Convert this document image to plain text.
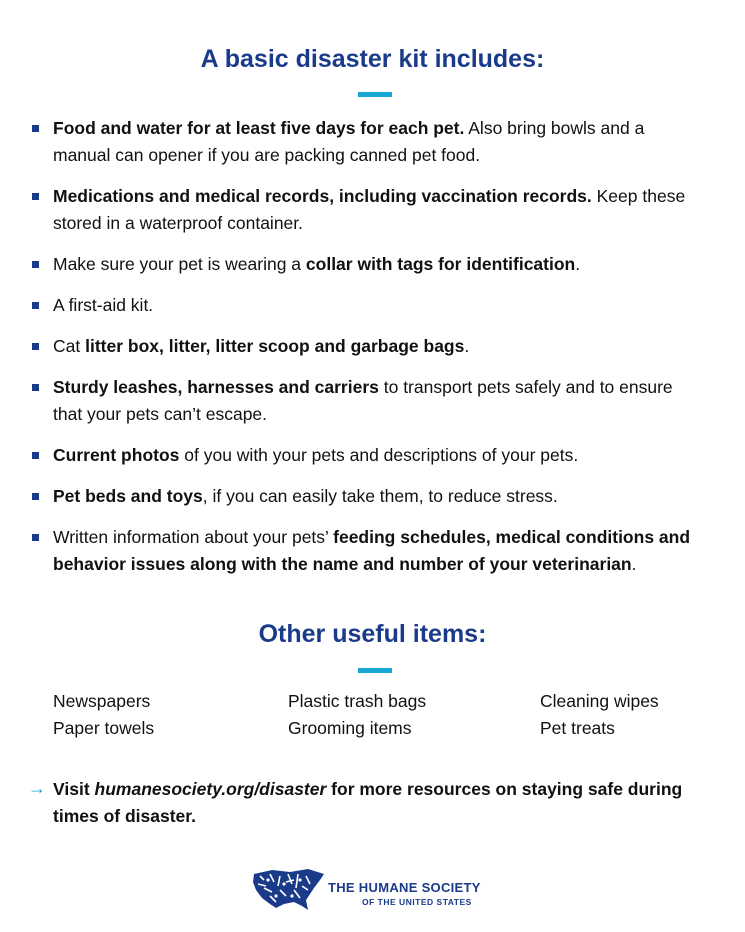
A basic disaster kit includes:
Food and water for at least five days for each pet. Also bring bowls and a manual can opener if you are packing canned pet food.
Medications and medical records, including vaccination records. Keep these stored in a waterproof container.
Make sure your pet is wearing a collar with tags for identification.
A first-aid kit.
Cat litter box, litter, litter scoop and garbage bags.
Sturdy leashes, harnesses and carriers to transport pets safely and to ensure that your pets can’t escape.
Current photos of you with your pets and descriptions of your pets.
Pet beds and toys, if you can easily take them, to reduce stress.
Written information about your pets’ feeding schedules, medical conditions and behavior issues along with the name and number of your veterinarian.
Other useful items:
Newspapers
Paper towels
Plastic trash bags
Grooming items
Cleaning wipes
Pet treats
→ Visit humanesociety.org/disaster for more resources on staying safe during times of disaster.
THE HUMANE SOCIETY
OF THE UNITED STATES
